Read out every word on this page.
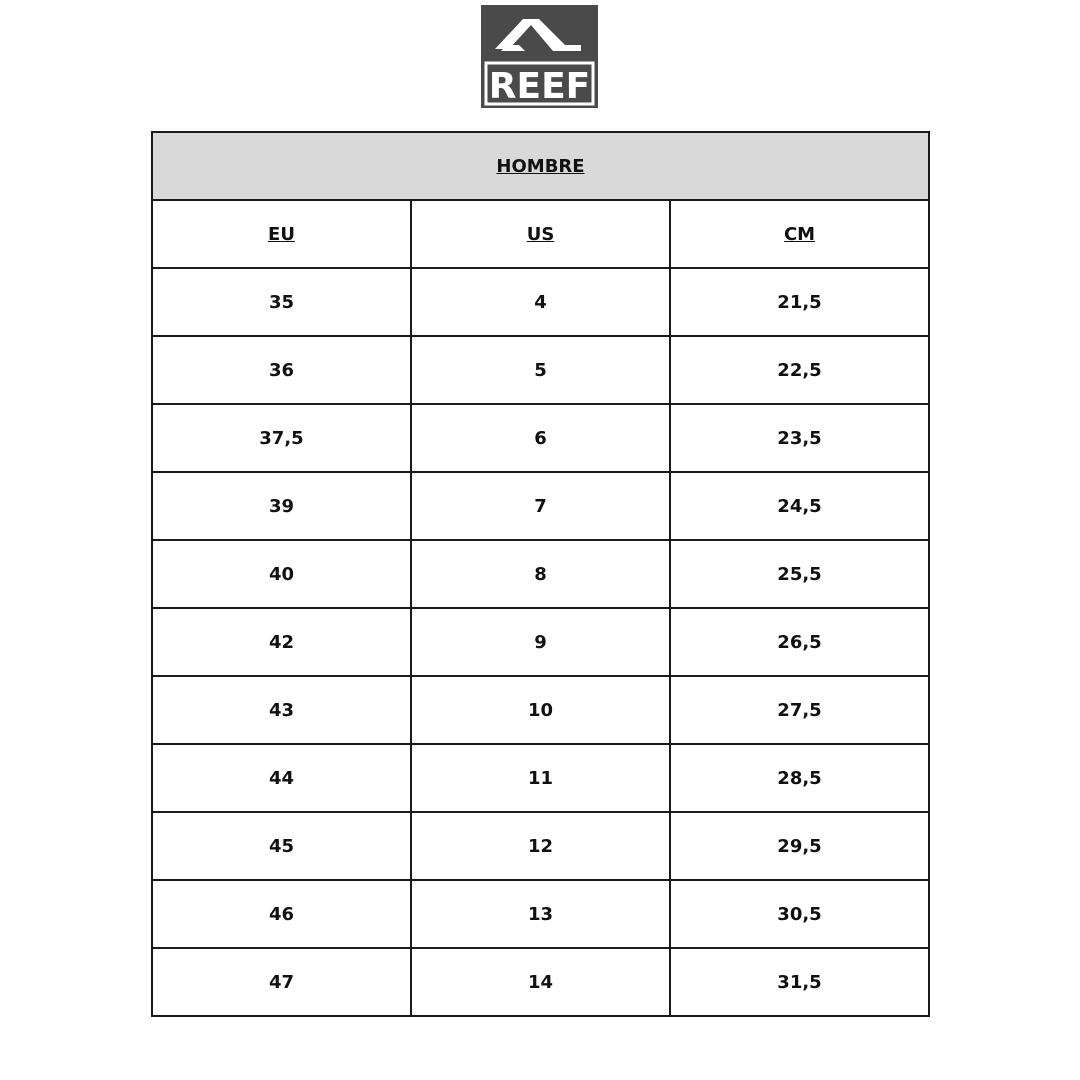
REEF
HOMBRE		
EU	US	CM
35	4	21,5
36	5	22,5
37,5	6	23,5
39	7	24,5
40	8	25,5
42	9	26,5
43	10	27,5
44	11	28,5
45	12	29,5
46	13	30,5
47	14	31,5
